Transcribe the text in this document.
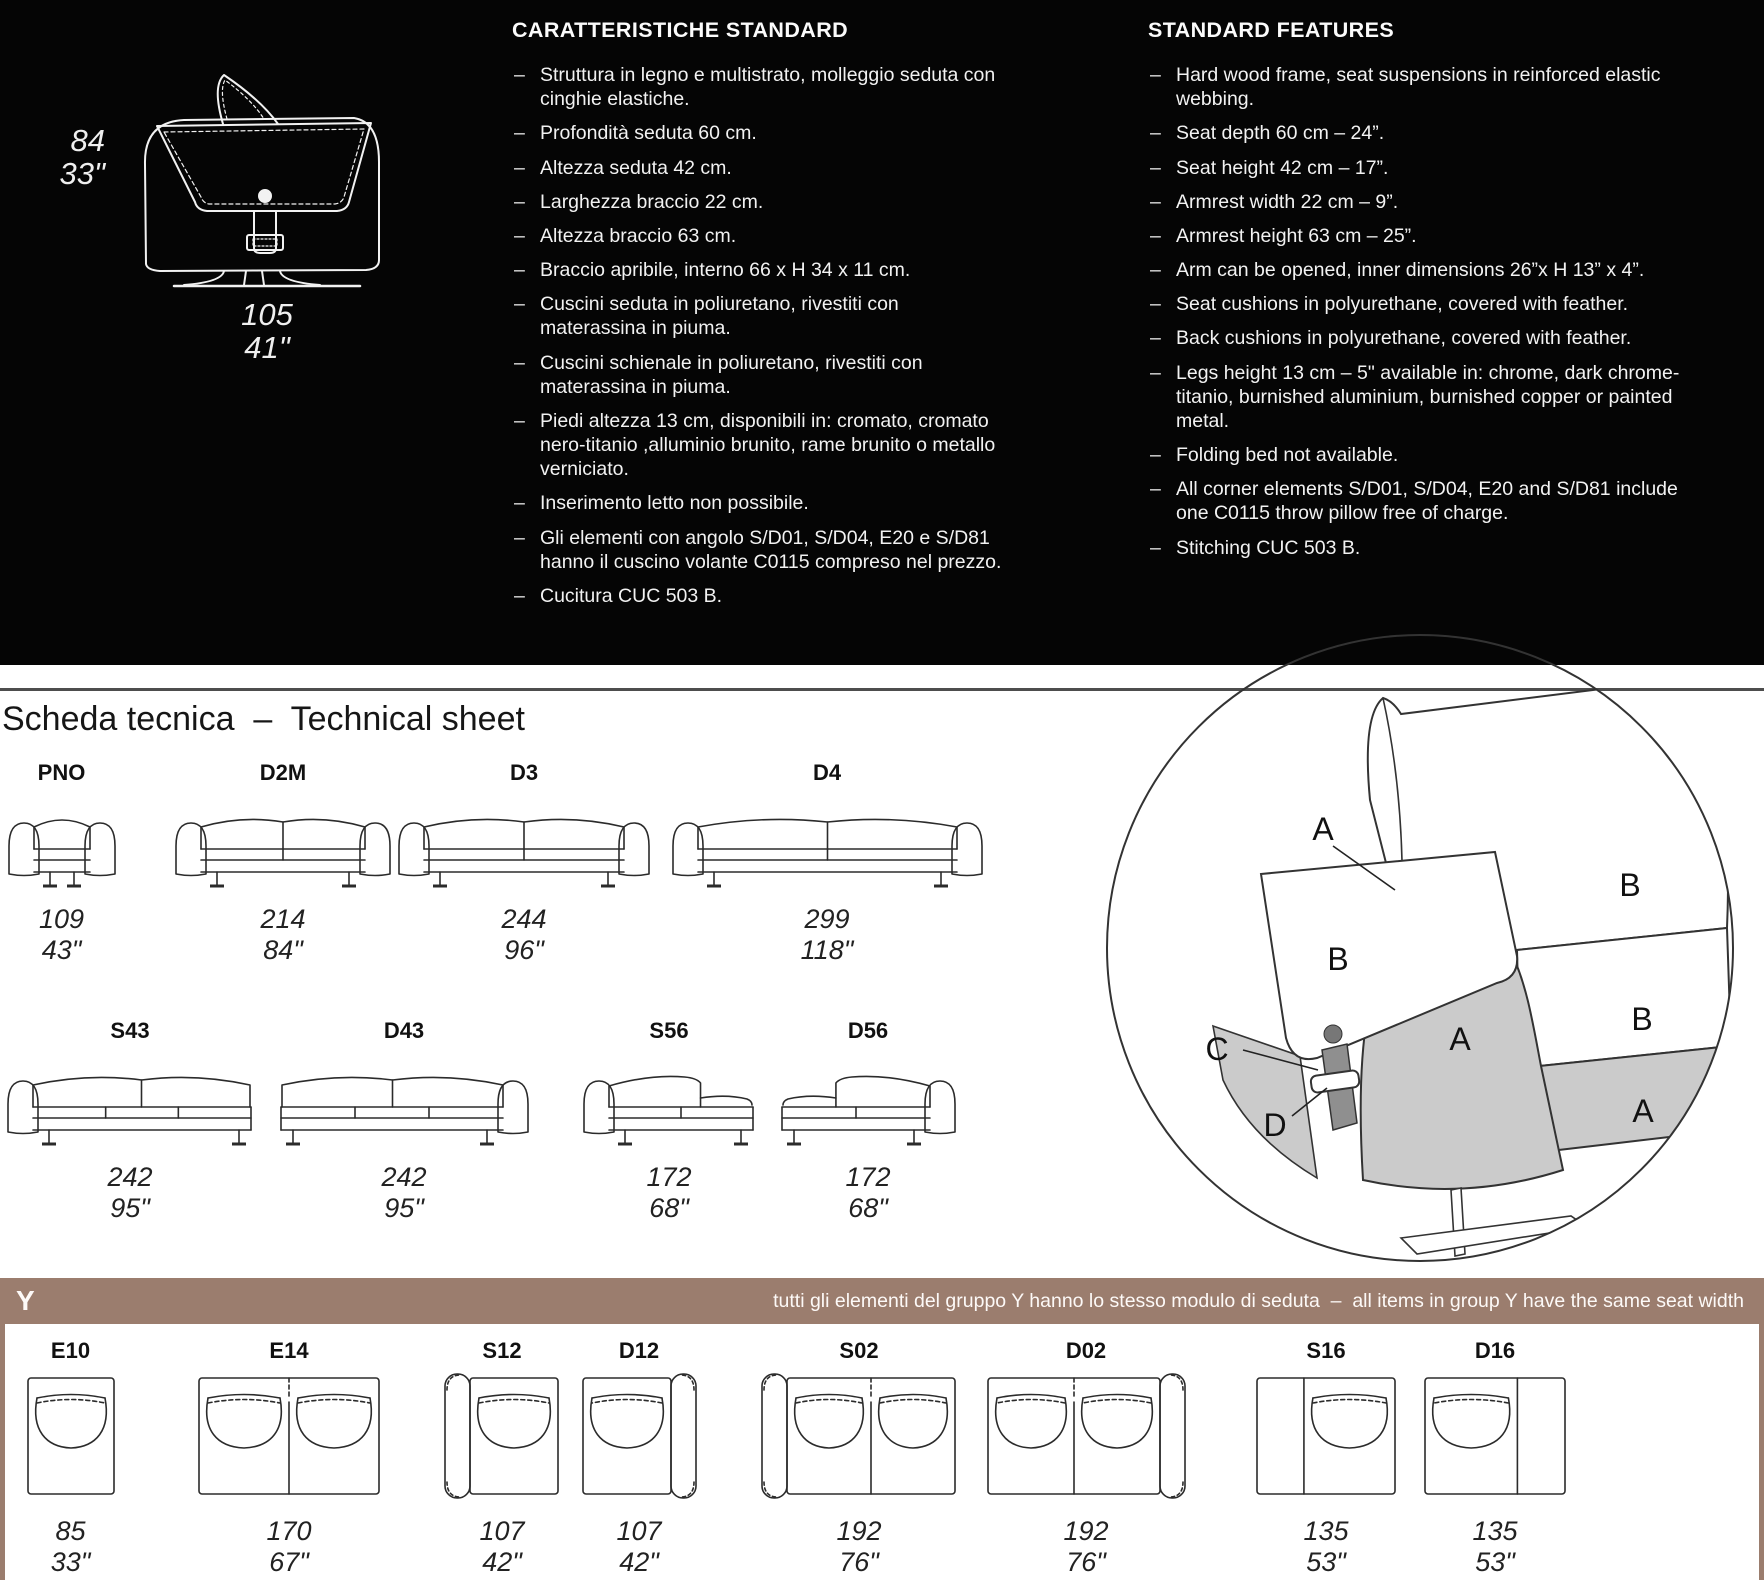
84
33"
105
41"
CARATTERISTICHE STANDARD
– Struttura in legno e multistrato, molleggio seduta con cinghie elastiche.
– Profondità seduta 60 cm.
– Altezza seduta 42 cm.
– Larghezza braccio 22 cm.
– Altezza braccio 63 cm.
– Braccio apribile, interno 66 x H 34 x 11 cm.
– Cuscini seduta in poliuretano, rivestiti con materassina in piuma.
– Cuscini schienale in poliuretano, rivestiti con materassina in piuma.
– Piedi altezza 13 cm, disponibili in: cromato, cromato nero-titanio ,alluminio brunito, rame brunito o metallo verniciato.
– Inserimento letto non possibile.
– Gli elementi con angolo S/D01, S/D04, E20 e S/D81 hanno il cuscino volante C0115 compreso nel prezzo.
– Cucitura CUC 503 B.
STANDARD FEATURES
– Hard wood frame, seat suspensions in reinforced elastic webbing.
– Seat depth 60 cm – 24”.
– Seat height 42 cm – 17”.
– Armrest width 22 cm – 9”.
– Armrest height 63 cm – 25”.
– Arm can be opened, inner dimensions 26”x H 13” x 4”.
– Seat cushions in polyurethane, covered with feather.
– Back cushions in polyurethane, covered with feather.
– Legs height 13 cm – 5" available in: chrome, dark chrome-titanio, burnished aluminium, burnished copper or painted metal.
– Folding bed not available.
– All corner elements S/D01, S/D04, E20 and S/D81 include one C0115 throw pillow free of charge.
– Stitching CUC 503 B.
Scheda tecnica  –  Technical sheet
PNO
109
43"
D2M
214
84"
D3
244
96"
D4
299
118"
S43
242
95"
D43
242
95"
S56
172
68"
D56
172
68"
A
B
B
B
A
A
C
D
Y	tutti gli elementi del gruppo Y hanno lo stesso modulo di seduta  –  all items in group Y have the same seat width
E10
85
33"
E14
170
67"
S12
107
42"
D12
107
42"
S02
192
76"
D02
192
76"
S16
135
53"
D16
135
53"
